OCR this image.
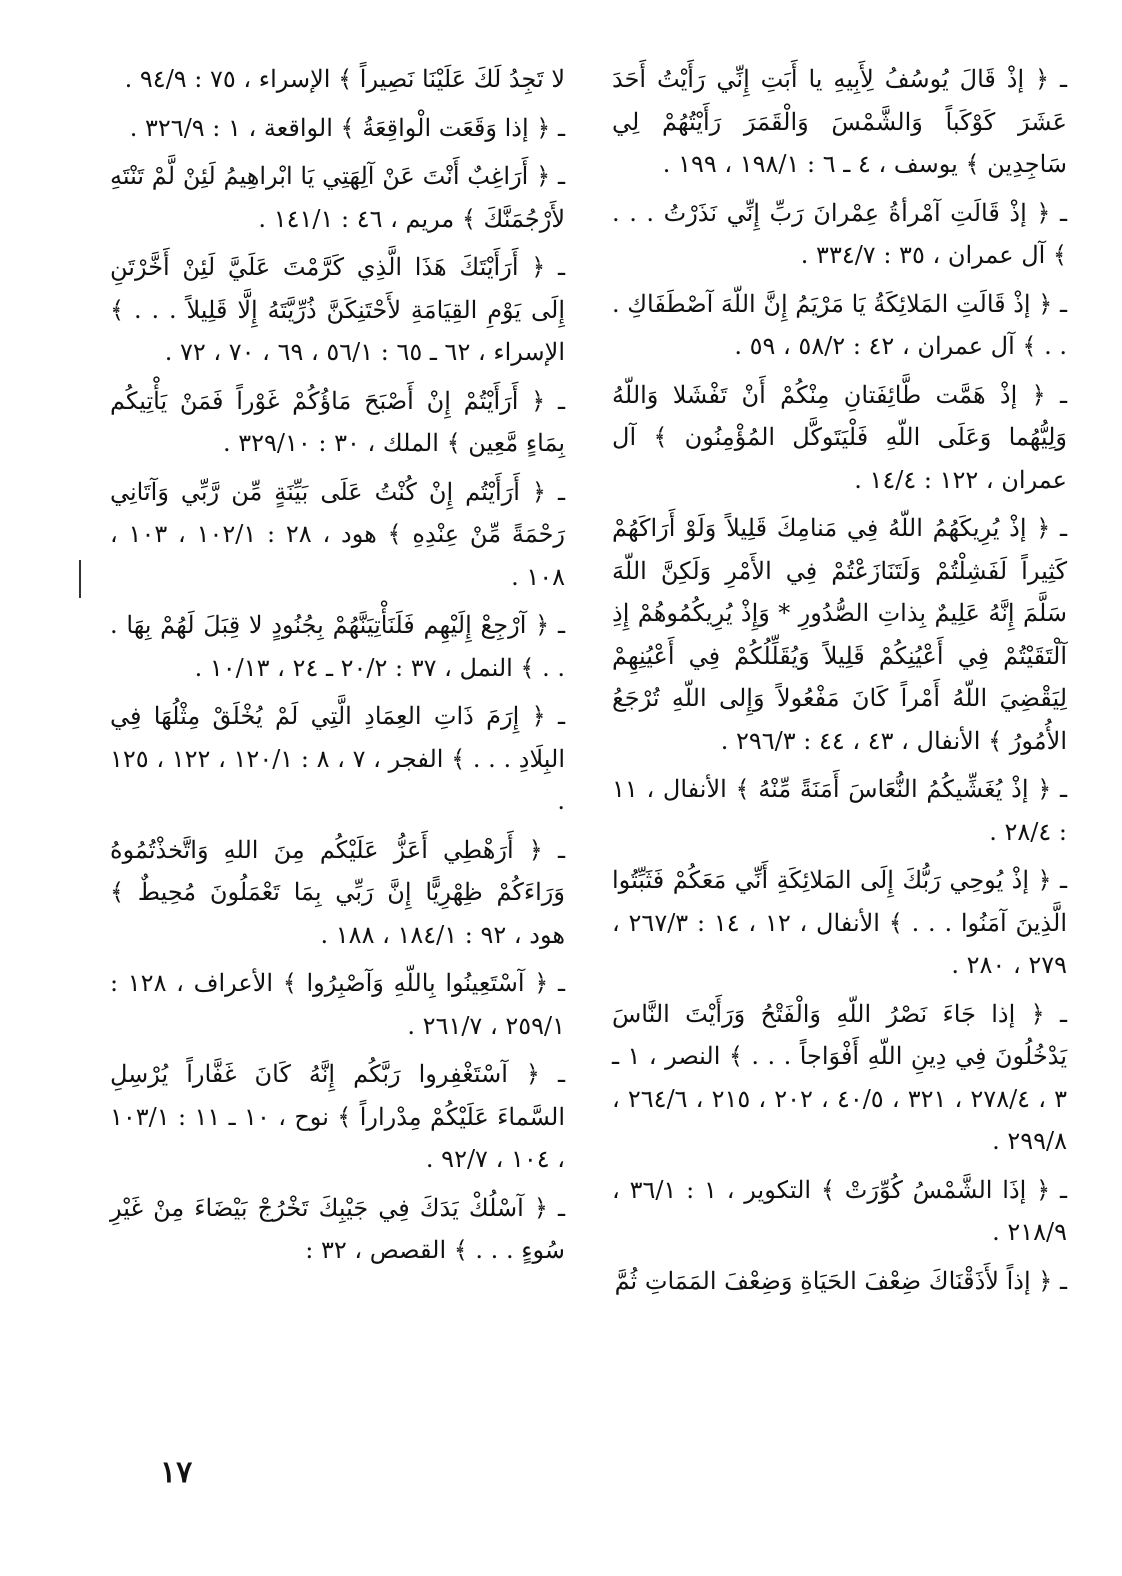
ـ ﴿ إذْ قَالَ يُوسُفُ لِأَبِيهِ يا أَبَتِ إِنِّي رَأَيْتُ أَحَدَ عَشَرَ كَوْكَباً وَالشَّمْسَ وَالْقَمَرَ رَأَيْتُهُمْ لِي سَاجِدِين ﴾ يوسف ، ٤ ـ ٦ : ١٩٨/١ ، ١٩٩ .

ـ ﴿ إذْ قَالَتِ آمْرأةُ عِمْرانَ رَبِّ إِنِّي نَذَرْتُ . . . ﴾ آل عمران ، ٣٥ : ٣٣٤/٧ .

ـ ﴿ إذْ قَالَتِ المَلائِكَةُ يَا مَرْيَمُ إِنَّ اللّهَ آصْطَفَاكِ . . . ﴾ آل عمران ، ٤٢ : ٥٨/٢ ، ٥٩ .

ـ ﴿ إذْ هَمَّت طَّائِفَتانِ مِنْكُمْ أَنْ تَفْشَلا وَاللّهُ وَلِيُّهُما وَعَلَى اللّهِ فَلْيَتَوكَّل المُؤْمِنُون ﴾ آل عمران ، ١٢٢ : ١٤/٤ .

ـ ﴿ إذْ يُرِيكَهُمُ اللّهُ فِي مَنامِكَ قَلِيلاً وَلَوْ أَرَاكَهُمْ كَثِيراً لَفَشِلْتُمْ وَلَتَنَازَعْتُمْ فِي الأَمْرِ وَلَكِنَّ اللّهَ سَلَّمَ إِنَّهُ عَلِيمٌ بِذاتِ الصُّدُورِ * وَإِذْ يُرِيكُمُوهُمْ إِذِ آلْتَقَيْتُمْ فِي أَعْيُنِكُمْ قَلِيلاً وَيُقَلِّلُكُمْ فِي أَعْيُنِهِمْ لِيَقْضِيَ اللّهُ أَمْراً كَانَ مَفْعُولاً وَإِلى اللّهِ تُرْجَعُ الأُمُورُ ﴾ الأنفال ، ٤٣ ، ٤٤ : ٢٩٦/٣ .

ـ ﴿ إذْ يُغَشِّيكُمُ النُّعَاسَ أَمَنَةً مِّنْهُ ﴾ الأنفال ، ١١ : ٢٨/٤ .

ـ ﴿ إذْ يُوحِي رَبُّكَ إِلَى المَلائِكَةِ أَنِّي مَعَكُمْ فَثَبِّتُوا الَّذِينَ آمَنُوا . . . ﴾ الأنفال ، ١٢ ، ١٤ : ٢٦٧/٣ ، ٢٧٩ ، ٢٨٠ .

ـ ﴿ إذا جَاءَ نَصْرُ اللّهِ وَالْفَتْحُ وَرَأَيْتَ النَّاسَ يَدْخُلُونَ فِي دِينِ اللّهِ أَفْوَاجاً . . . ﴾ النصر ، ١ ـ ٣ ، ٢٧٨/٤ ، ٣٢١ ، ٤٠/٥ ، ٢٠٢ ، ٢١٥ ، ٢٦٤/٦ ، ٢٩٩/٨ .

ـ ﴿ إذَا الشَّمْسُ كُوِّرَتْ ﴾ التكوير ، ١ : ٣٦/١ ، ٢١٨/٩ .

ـ ﴿ إذاً لأَذَقْنَاكَ ضِعْفَ الحَيَاةِ وَضِعْفَ المَمَاتِ ثُمَّ

لا تَجِدُ لَكَ عَلَيْنَا نَصِيراً ﴾ الإسراء ، ٧٥ : ٩٤/٩ .

ـ ﴿ إذا وَقَعَت الْواقِعَةُ ﴾ الواقعة ، ١ : ٣٢٦/٩ .

ـ ﴿ أَرَاغِبٌ أَنْتَ عَنْ آلِهَتِي يَا ابْراهِيمُ لَئِنْ لَّمْ تَنْتَهِ لأَرْجُمَنَّكَ ﴾ مريم ، ٤٦ : ١٤١/١ .

ـ ﴿ أَرَأَيْتَكَ هَذَا الَّذِي كَرَّمْتَ عَلَيَّ لَئِنْ أَخَّرْتَنِ إِلَى يَوْمِ القِيَامَةِ لأَحْتَنِكَنَّ ذُرِّيَّتَهُ إِلَّا قَلِيلاً . . . ﴾ الإسراء ، ٦٢ ـ ٦٥ : ٥٦/١ ، ٦٩ ، ٧٠ ، ٧٢ .

ـ ﴿ أَرَأَيْتُمْ إِنْ أَصْبَحَ مَاؤُكُمْ غَوْراً فَمَنْ يَأْتِيكُم بِمَاءٍ مَّعِين ﴾ الملك ، ٣٠ : ٣٢٩/١٠ .

ـ ﴿ أَرَأَيْتُم إِنْ كُنْتُ عَلَى بَيِّنَةٍ مِّن رَّبِّي وَآتَانِي رَحْمَةً مِّنْ عِنْدِهِ ﴾ هود ، ٢٨ : ١٠٢/١ ، ١٠٣ ، ١٠٨ .

ـ ﴿ آرْجِعْ إِلَيْهِم فَلَنَأْتِيَنَّهُمْ بِجُنُودٍ لا قِبَلَ لَهُمْ بِهَا . . . ﴾ النمل ، ٣٧ : ٢٠/٢ ـ ٢٤ ، ١٠/١٣ .

ـ ﴿ إِرَمَ ذَاتِ العِمَادِ الَّتِي لَمْ يُخْلَقْ مِثْلُهَا فِي البِلَادِ . . . ﴾ الفجر ، ٧ ، ٨ : ١٢٠/١ ، ١٢٢ ، ١٢٥ .

ـ ﴿ أَرَهْطِي أَعَزُّ عَلَيْكُم مِنَ اللهِ وَاتَّخذْتُمُوهُ وَرَاءَكُمْ ظِهْرِيًّا إِنَّ رَبِّي بِمَا تَعْمَلُونَ مُحِيطٌ ﴾ هود ، ٩٢ : ١٨٤/١ ، ١٨٨ .

ـ ﴿ آسْتَعِينُوا بِاللّهِ وَآصْبِرُوا ﴾ الأعراف ، ١٢٨ : ٢٥٩/١ ، ٢٦١/٧ .

ـ ﴿ آسْتَغْفِروا رَبَّكُم إِنَّهُ كَانَ غَفَّاراً يُرْسِلِ السَّماءَ عَلَيْكُمْ مِدْراراً ﴾ نوح ، ١٠ ـ ١١ : ١٠٣/١ ، ١٠٤ ، ٩٢/٧ .

ـ ﴿ آسْلُكْ يَدَكَ فِي جَيْبِكَ تَخْرُجْ بَيْضَاءَ مِنْ غَيْرِ سُوءٍ . . . ﴾ القصص ، ٣٢ :

١٧
